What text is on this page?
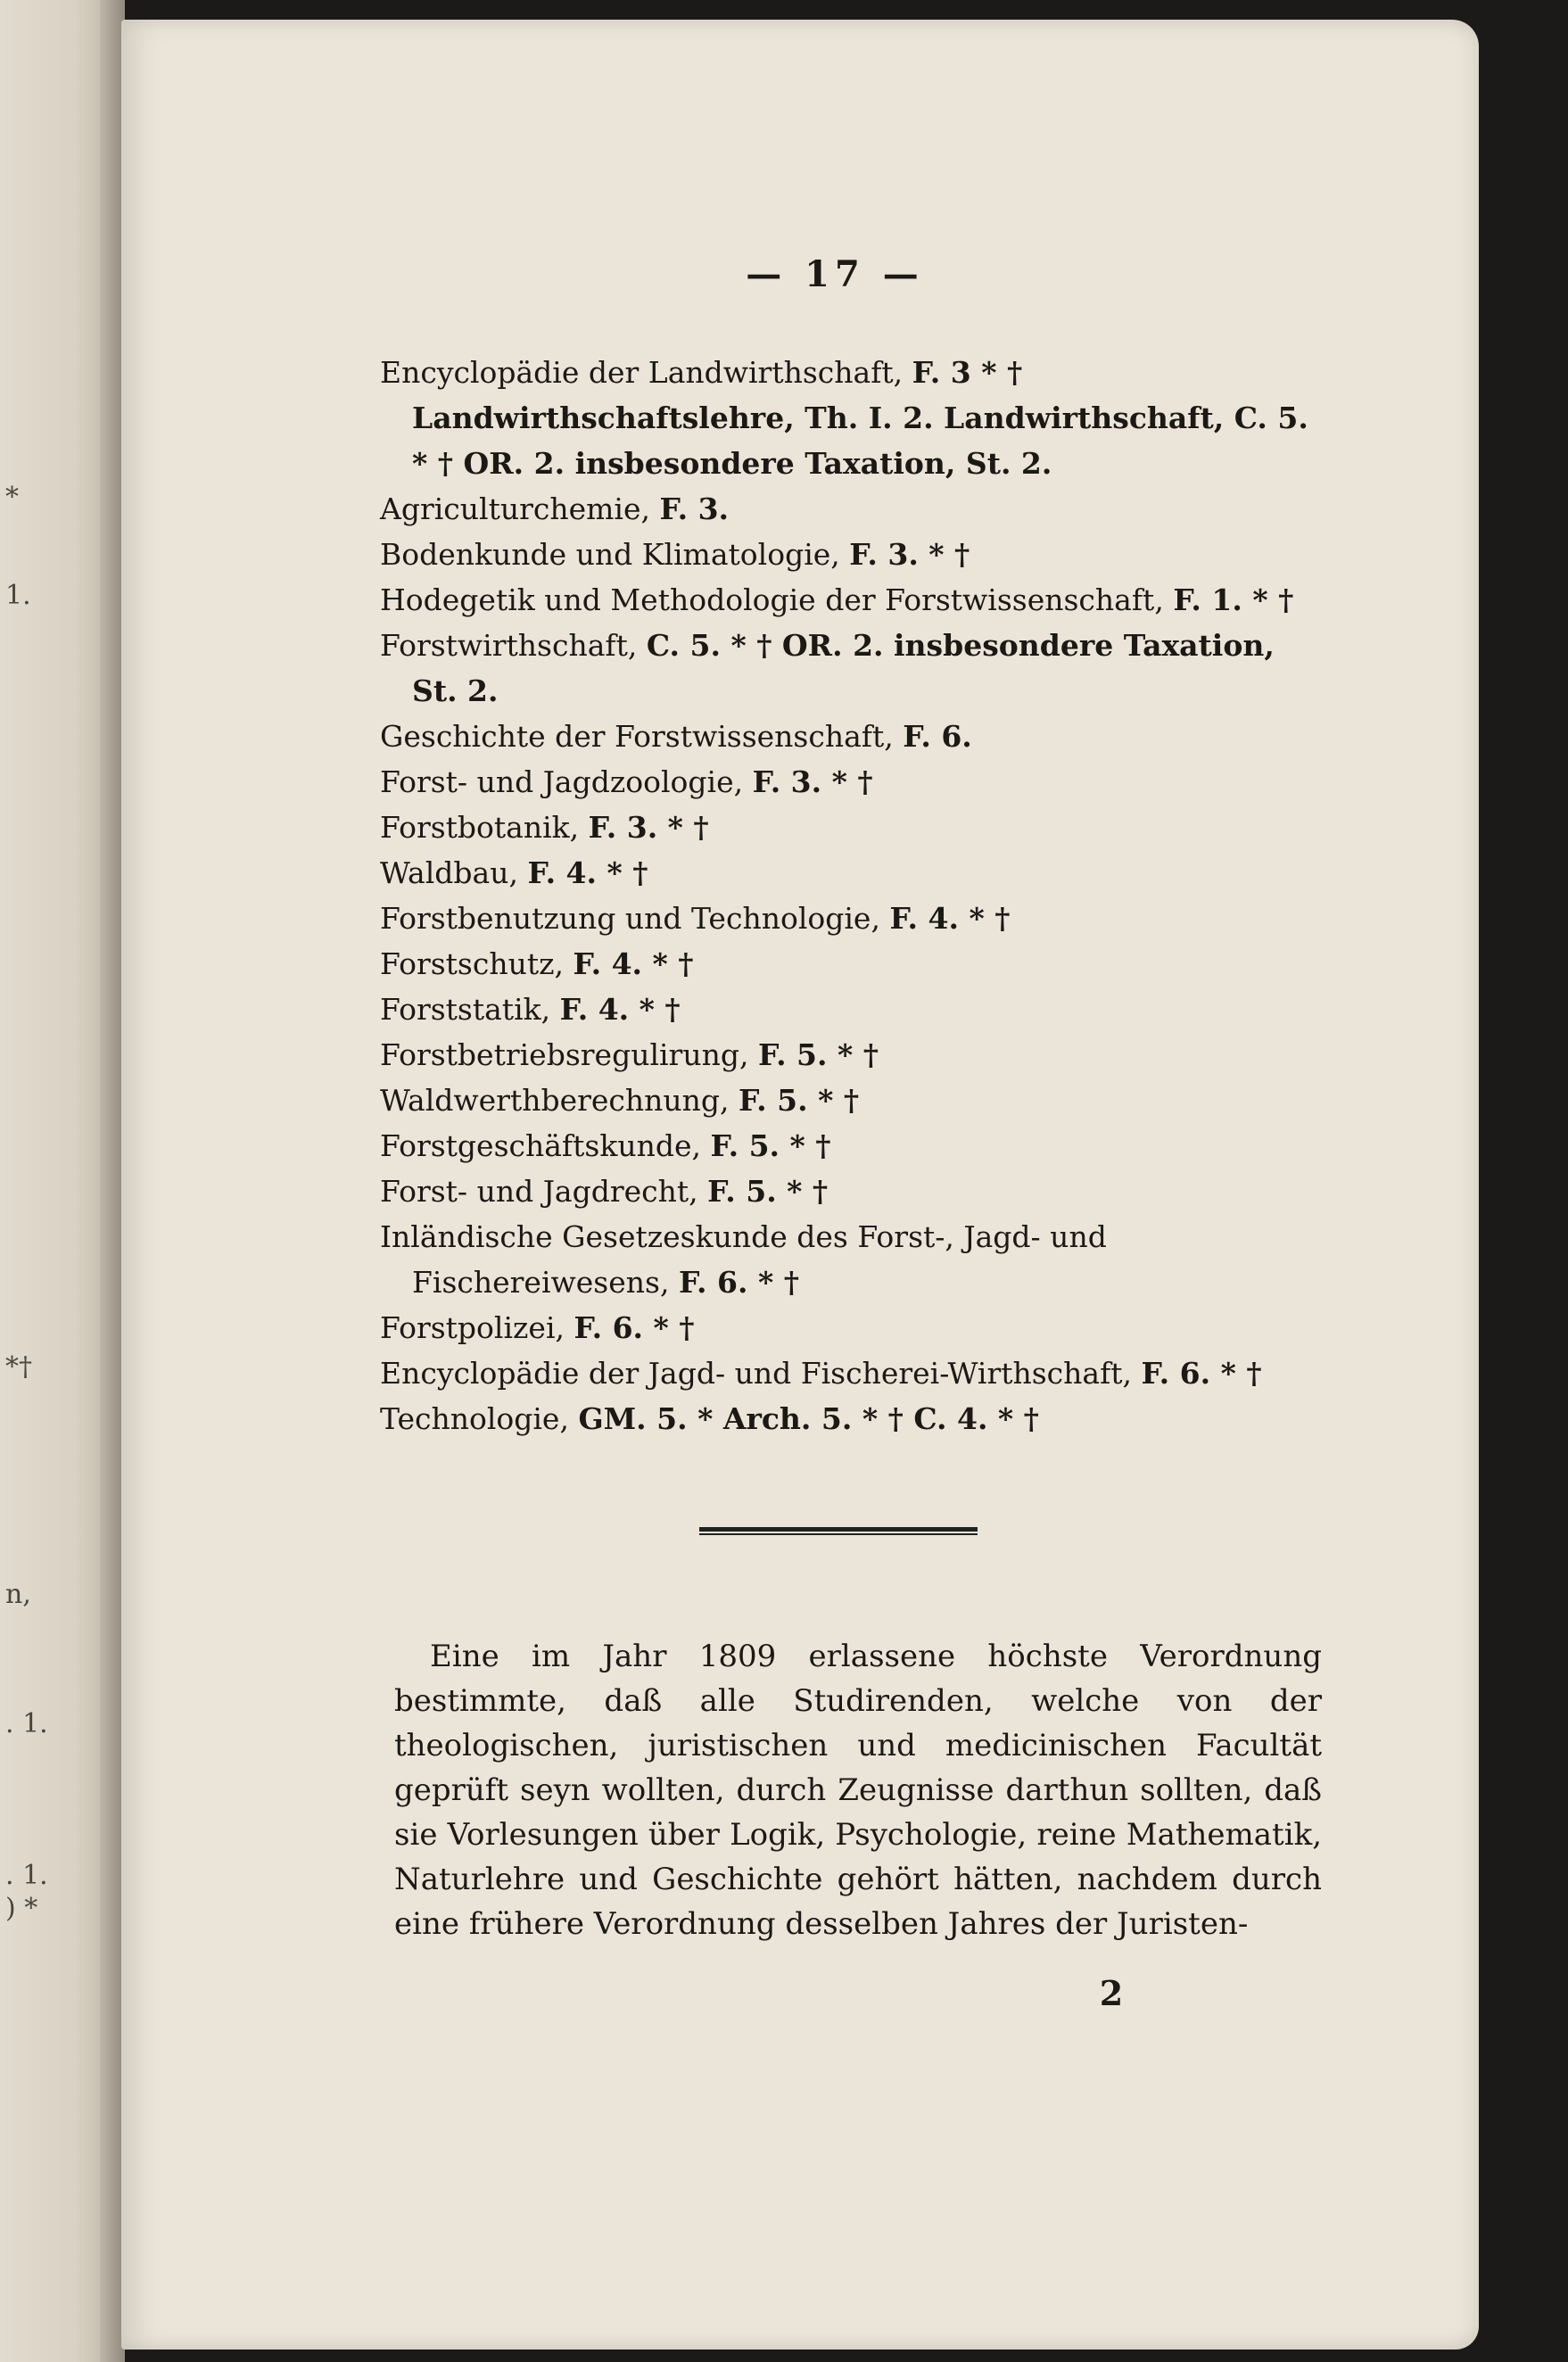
*
1.
*†
n,
. 1.
. 1.
) *
— 17 —
Encyclopädie der Landwirthschaft, F. 3 * † Landwirthschaftslehre, Th. I. 2. Landwirthschaft, C. 5. * † OR. 2. insbesondere Taxation, St. 2.
Agriculturchemie, F. 3.
Bodenkunde und Klimatologie, F. 3. * †
Hodegetik und Methodologie der Forstwissenschaft, F. 1. * †
Forstwirthschaft, C. 5. * † OR. 2. insbesondere Taxation, St. 2.
Geschichte der Forstwissenschaft, F. 6.
Forst- und Jagdzoologie, F. 3. * †
Forstbotanik, F. 3. * †
Waldbau, F. 4. * †
Forstbenutzung und Technologie, F. 4. * †
Forstschutz, F. 4. * †
Forststatik, F. 4. * †
Forstbetriebsregulirung, F. 5. * †
Waldwerthberechnung, F. 5. * †
Forstgeschäftskunde, F. 5. * †
Forst- und Jagdrecht, F. 5. * †
Inländische Gesetzeskunde des Forst-, Jagd- und Fischereiwesens, F. 6. * †
Forstpolizei, F. 6. * †
Encyclopädie der Jagd- und Fischerei-Wirthschaft, F. 6. * †
Technologie, GM. 5. * Arch. 5. * † C. 4. * †

Eine im Jahr 1809 erlassene höchste Verordnung bestimmte, daß alle Studirenden, welche von der theologischen, juristischen und medicinischen Facultät geprüft seyn wollten, durch Zeugnisse darthun sollten, daß sie Vorlesungen über Logik, Psychologie, reine Mathematik, Naturlehre und Geschichte gehört hätten, nachdem durch eine frühere Verordnung desselben Jahres der Juristen-

2
